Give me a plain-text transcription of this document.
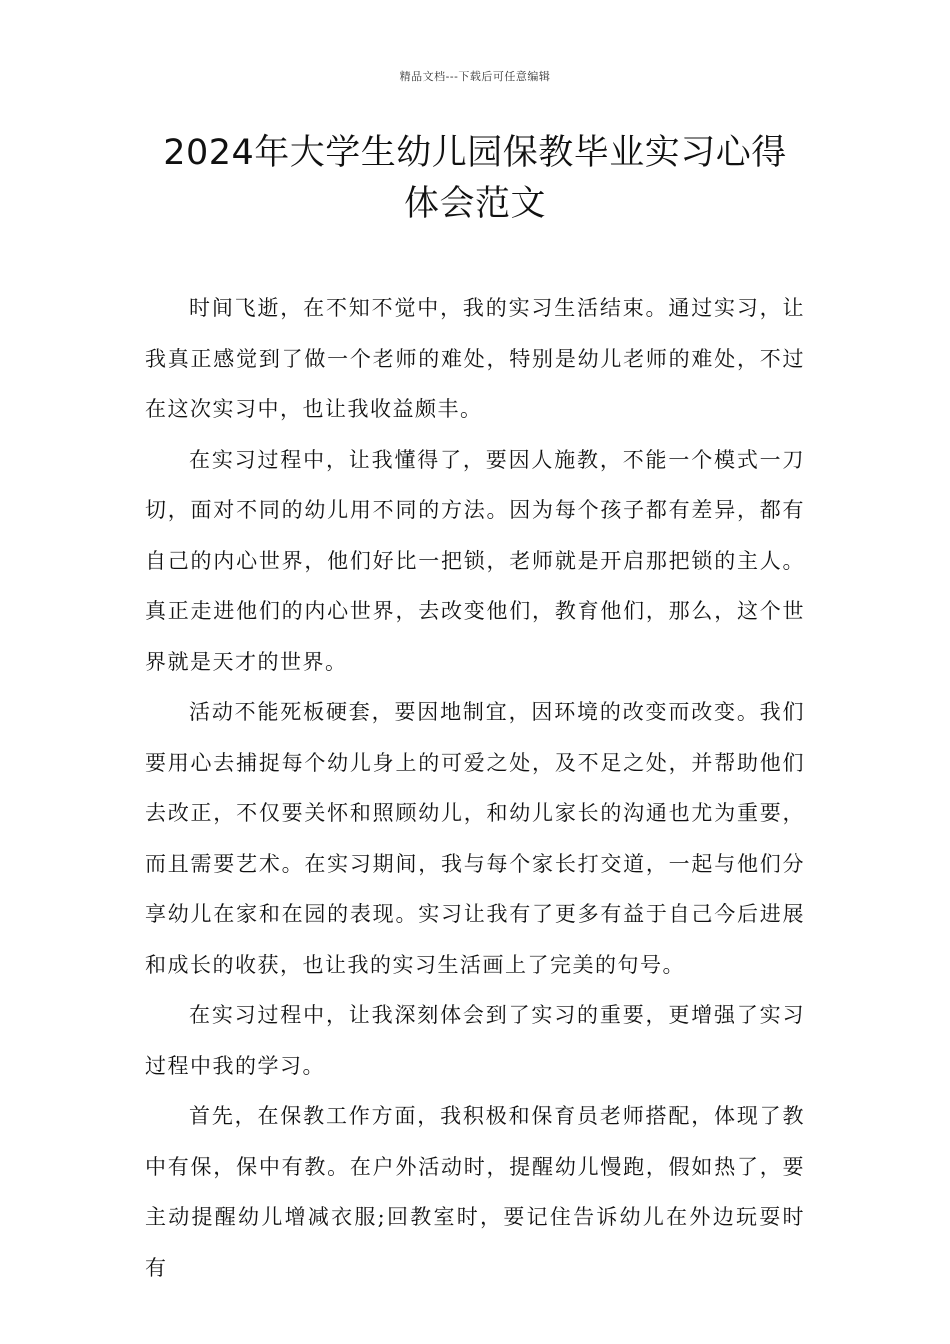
精品文档---下载后可任意编辑
2024年大学生幼儿园保教毕业实习心得
体会范文

时间飞逝，在不知不觉中，我的实习生活结束。通过实习，让我真正感觉到了做一个老师的难处，特别是幼儿老师的难处，不过在这次实习中，也让我收益颇丰。

在实习过程中，让我懂得了，要因人施教，不能一个模式一刀切，面对不同的幼儿用不同的方法。因为每个孩子都有差异，都有自己的内心世界，他们好比一把锁，老师就是开启那把锁的主人。真正走进他们的内心世界，去改变他们，教育他们，那么，这个世界就是天才的世界。

活动不能死板硬套，要因地制宜，因环境的改变而改变。我们要用心去捕捉每个幼儿身上的可爱之处，及不足之处，并帮助他们去改正，不仅要关怀和照顾幼儿，和幼儿家长的沟通也尤为重要，而且需要艺术。在实习期间，我与每个家长打交道，一起与他们分享幼儿在家和在园的表现。实习让我有了更多有益于自己今后进展和成长的收获，也让我的实习生活画上了完美的句号。

在实习过程中，让我深刻体会到了实习的重要，更增强了实习过程中我的学习。

首先，在保教工作方面，我积极和保育员老师搭配，体现了教中有保，保中有教。在户外活动时，提醒幼儿慢跑，假如热了，要主动提醒幼儿增减衣服;回教室时，要记住告诉幼儿在外边玩耍时有
